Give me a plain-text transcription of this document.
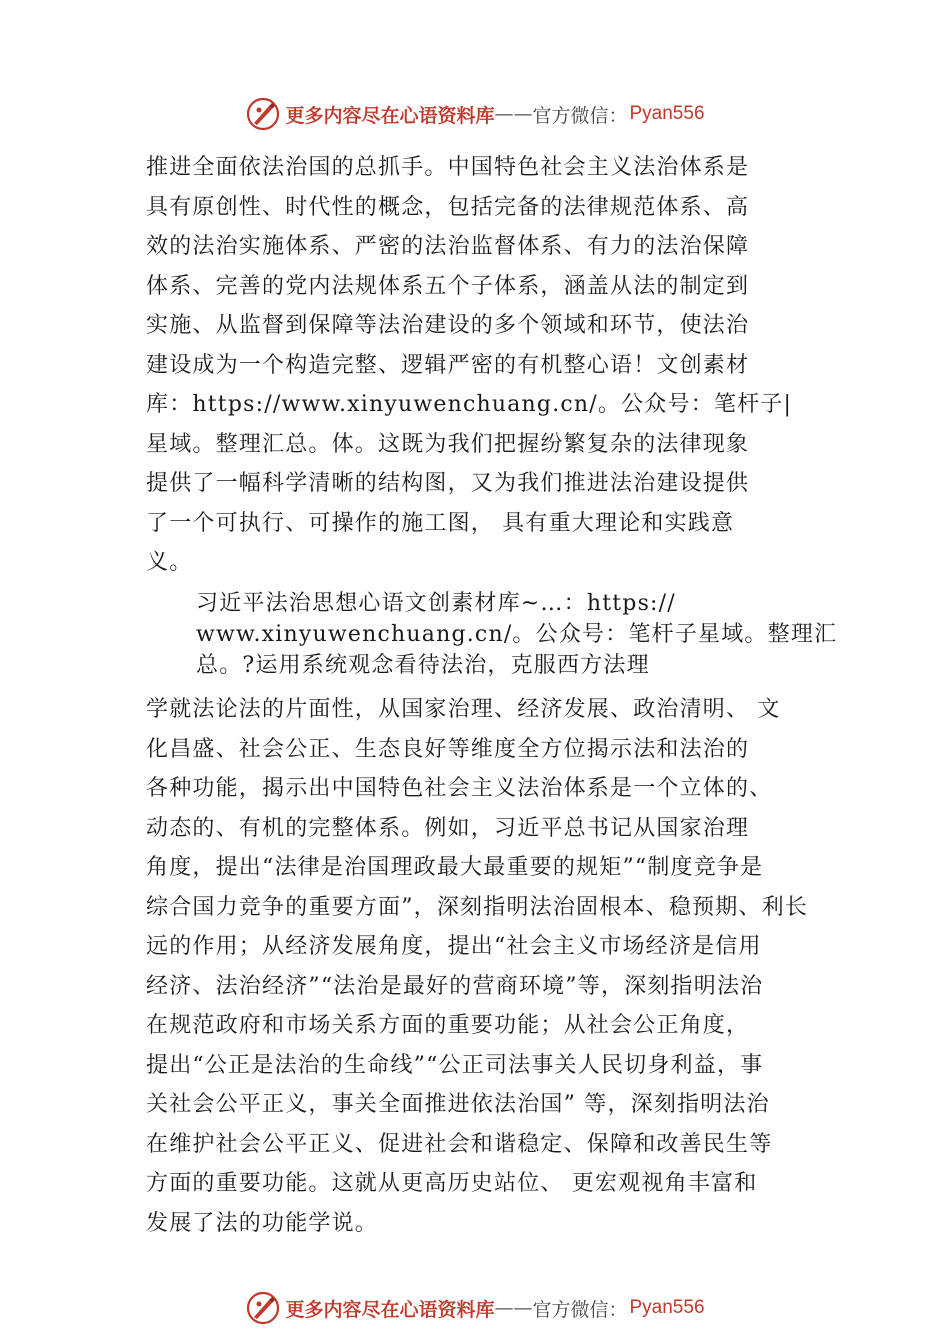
更多内容尽在心语资料库 —— 官方微信： Pyan556
推进全面依法治国的总抓手。中国特色社会主义法治体系是
具有原创性、时代性的概念，包括完备的法律规范体系、高
效的法治实施体系、严密的法治监督体系、有力的法治保障
体系、完善的党内法规体系五个子体系，涵盖从法的制定到
实施、从监督到保障等法治建设的多个领域和环节，使法治
建设成为一个构造完整、逻辑严密的有机整心语！文创素材
库：https://www.xinyuwenchuang.cn/。公众号：笔杆子|
星域。整理汇总。体。这既为我们把握纷繁复杂的法律现象
提供了一幅科学清晰的结构图，又为我们推进法治建设提供
了一个可执行、可操作的施工图， 具有重大理论和实践意
义。
习近平法治思想心语文创素材库~…：https://
www.xinyuwenchuang.cn/。公众号：笔杆子星域。整理汇
总。?运用系统观念看待法治，克服西方法理
学就法论法的片面性，从国家治理、经济发展、政治清明、 文
化昌盛、社会公正、生态良好等维度全方位揭示法和法治的
各种功能，揭示出中国特色社会主义法治体系是一个立体的、
动态的、有机的完整体系。例如，习近平总书记从国家治理
角度，提出“法律是治国理政最大最重要的规矩”“制度竞争是
综合国力竞争的重要方面”，深刻指明法治固根本、稳预期、利长
远的作用；从经济发展角度，提出“社会主义市场经济是信用
经济、法治经济”“法治是最好的营商环境”等，深刻指明法治
在规范政府和市场关系方面的重要功能；从社会公正角度，
提出“公正是法治的生命线”“公正司法事关人民切身利益，事
关社会公平正义，事关全面推进依法治国” 等，深刻指明法治
在维护社会公平正义、促进社会和谐稳定、保障和改善民生等
方面的重要功能。这就从更高历史站位、 更宏观视角丰富和
发展了法的功能学说。
更多内容尽在心语资料库 —— 官方微信： Pyan556
